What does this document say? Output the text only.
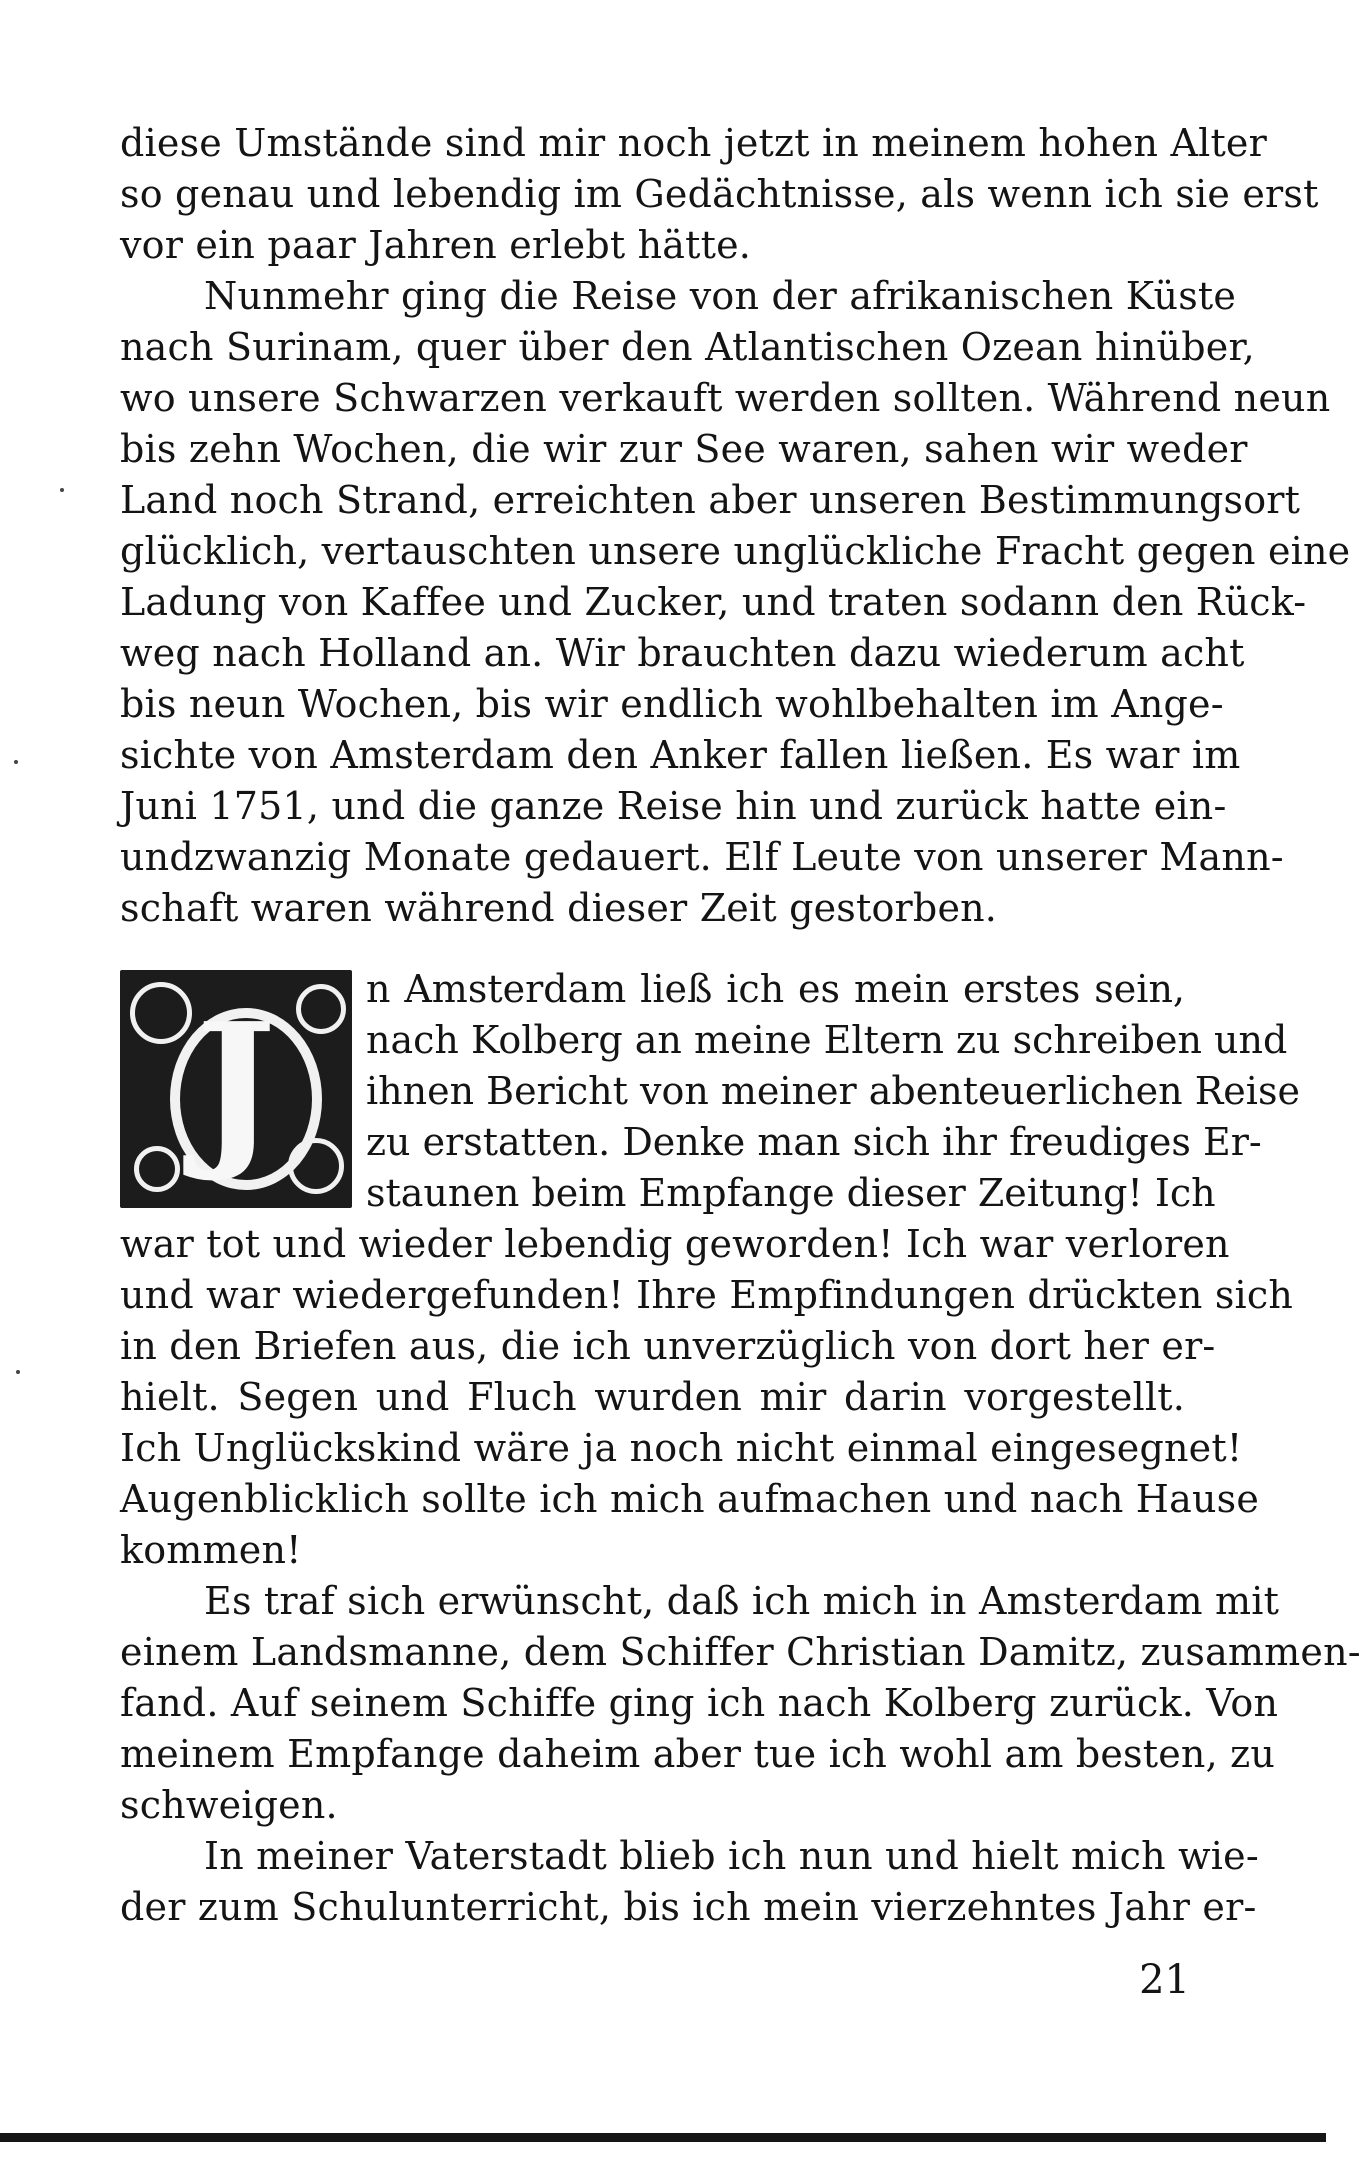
diese Umstände sind mir noch jetzt in meinem hohen Alter
so genau und lebendig im Gedächtnisse, als wenn ich sie erst
vor ein paar Jahren erlebt hätte.
Nunmehr ging die Reise von der afrikanischen Küste
nach Surinam, quer über den Atlantischen Ozean hinüber,
wo unsere Schwarzen verkauft werden sollten. Während neun
bis zehn Wochen, die wir zur See waren, sahen wir weder
Land noch Strand, erreichten aber unseren Bestimmungsort
glücklich, vertauschten unsere unglückliche Fracht gegen eine
Ladung von Kaffee und Zucker, und traten sodann den Rück-
weg nach Holland an. Wir brauchten dazu wiederum acht
bis neun Wochen, bis wir endlich wohlbehalten im Ange-
sichte von Amsterdam den Anker fallen ließen. Es war im
Juni 1751, und die ganze Reise hin und zurück hatte ein-
undzwanzig Monate gedauert. Elf Leute von unserer Mann-
schaft waren während dieser Zeit gestorben.
J	n Amsterdam ließ ich es mein erstes sein,
nach Kolberg an meine Eltern zu schreiben und
ihnen Bericht von meiner abenteuerlichen Reise
zu erstatten. Denke man sich ihr freudiges Er-
staunen beim Empfange dieser Zeitung! Ich
war tot und wieder lebendig geworden! Ich war verloren
und war wiedergefunden! Ihre Empfindungen drückten sich
in den Briefen aus, die ich unverzüglich von dort her er-
hielt. Segen und Fluch wurden mir darin vorgestellt.
Ich Unglückskind wäre ja noch nicht einmal eingesegnet!
Augenblicklich sollte ich mich aufmachen und nach Hause
kommen!
Es traf sich erwünscht, daß ich mich in Amsterdam mit
einem Landsmanne, dem Schiffer Christian Damitz, zusammen-
fand. Auf seinem Schiffe ging ich nach Kolberg zurück. Von
meinem Empfange daheim aber tue ich wohl am besten, zu
schweigen.
In meiner Vaterstadt blieb ich nun und hielt mich wie-
der zum Schulunterricht, bis ich mein vierzehntes Jahr er-
21
